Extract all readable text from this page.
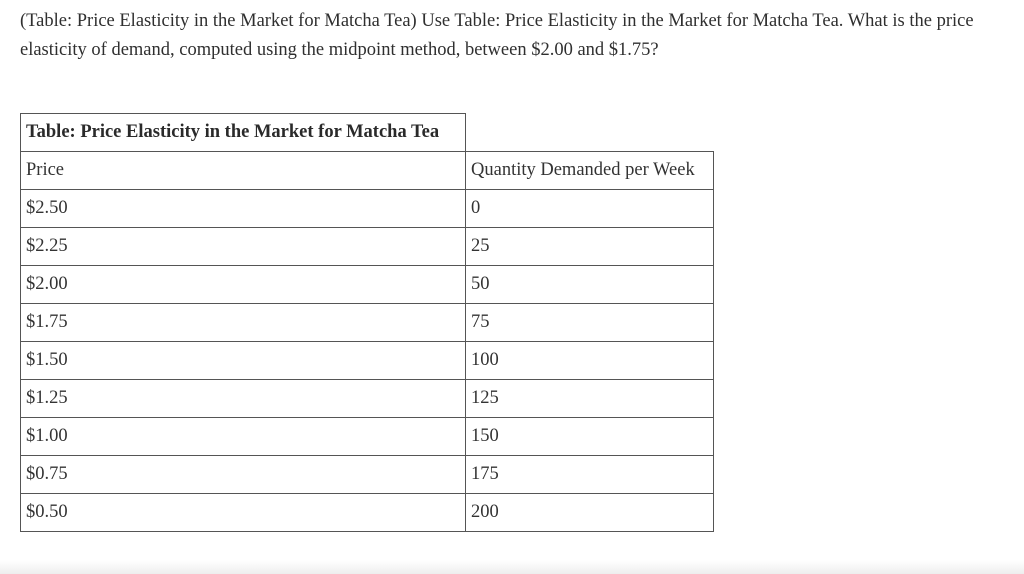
(Table: Price Elasticity in the Market for Matcha Tea) Use Table: Price Elasticity in the Market for Matcha Tea. What is the price elasticity of demand, computed using the midpoint method, between $2.00 and $1.75?

Table: Price Elasticity in the Market for Matcha Tea	
Price	Quantity Demanded per Week
$2.50	0
$2.25	25
$2.00	50
$1.75	75
$1.50	100
$1.25	125
$1.00	150
$0.75	175
$0.50	200
